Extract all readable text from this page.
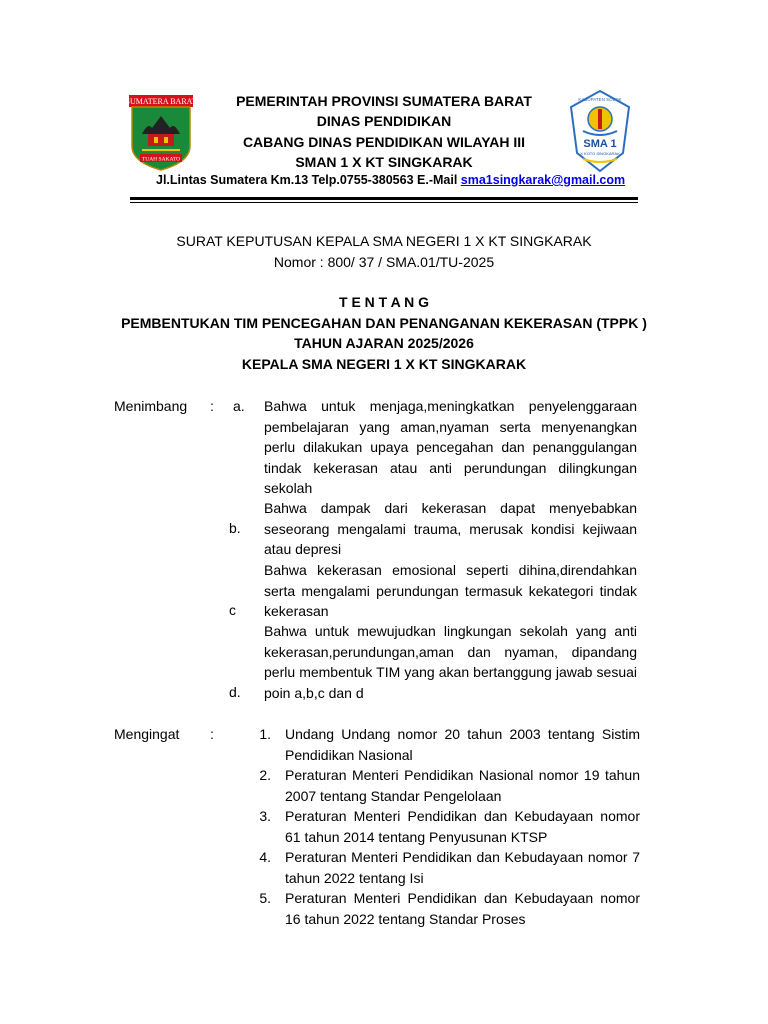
SUMATERA BARAT
TUAH SAKATO
PEMERINTAH PROVINSI SUMATERA BARAT
DINAS PENDIDIKAN
CABANG DINAS PENDIDIKAN WILAYAH III
SMAN 1 X KT SINGKARAK
Jl.Lintas Sumatera Km.13 Telp.0755-380563 E.-Mail sma1singkarak@gmail.com
KABUPATEN SOLOK
SMA 1
X KOTO SINGKARAK
SURAT KEPUTUSAN KEPALA SMA NEGERI 1 X KT SINGKARAK
Nomor : 800/ 37 / SMA.01/TU-2025
T E N T A N G
PEMBENTUKAN TIM PENCEGAHAN DAN PENANGANAN KEKERASAN (TPPK )
TAHUN AJARAN 2025/2026
KEPALA SMA NEGERI 1 X KT SINGKARAK
Menimbang : a. Bahwa untuk menjaga,meningkatkan penyelenggaraan pembelajaran yang aman,nyaman serta menyenangkan perlu dilakukan upaya pencegahan dan penanggulangan tindak kekerasan atau anti perundungan dilingkungan sekolah
b.
Bahwa dampak dari kekerasan dapat menyebabkan seseorang mengalami trauma, merusak kondisi kejiwaan atau depresi
c
Bahwa kekerasan emosional seperti dihina,direndahkan serta mengalami perundungan termasuk kekategori tindak kekerasan
d.
Bahwa untuk mewujudkan lingkungan sekolah yang anti kekerasan,perundungan,aman dan nyaman, dipandang perlu membentuk TIM yang akan bertanggung jawab sesuai poin a,b,c dan d
Mengingat :	1. Undang Undang nomor 20 tahun 2003 tentang Sistim Pendidikan Nasional
2. Peraturan Menteri Pendidikan Nasional nomor 19 tahun 2007 tentang Standar Pengelolaan
3. Peraturan Menteri Pendidikan dan Kebudayaan nomor 61 tahun 2014 tentang Penyusunan KTSP
4. Peraturan Menteri Pendidikan dan Kebudayaan nomor 7 tahun 2022 tentang Isi
5. Peraturan Menteri Pendidikan dan Kebudayaan nomor 16 tahun 2022 tentang Standar Proses
